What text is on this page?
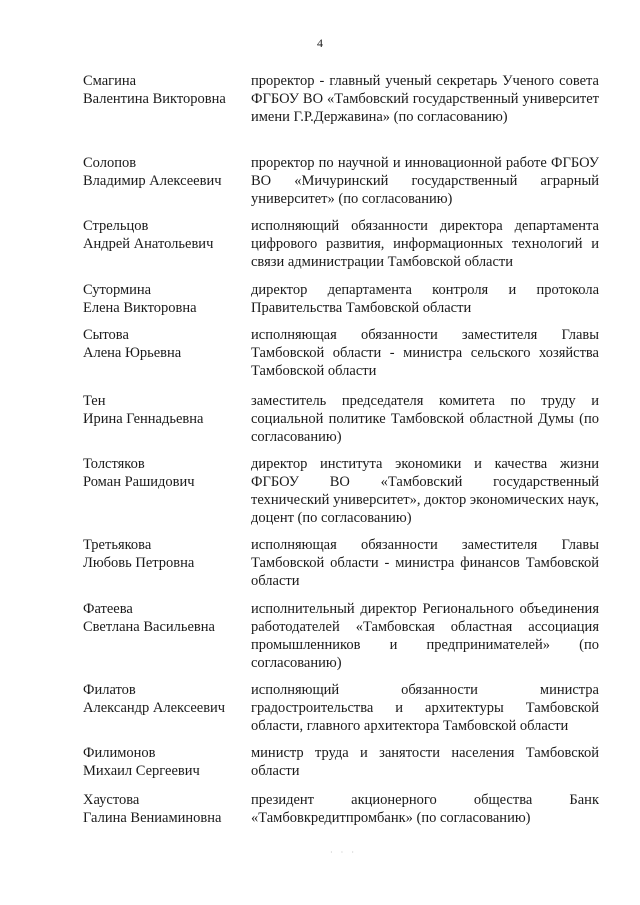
4
Смагина
Валентина Викторовна
проректор - главный ученый секретарь Ученого совета ФГБОУ ВО «Тамбовский государственный университет имени Г.Р.Державина» (по согласованию)
Солопов
Владимир Алексеевич
проректор по научной и инновационной работе ФГБОУ ВО «Мичуринский государственный аграрный университет» (по согласованию)
Стрельцов
Андрей Анатольевич
исполняющий обязанности директора департамента цифрового развития, информационных технологий и связи администрации Тамбовской области
Сутормина
Елена Викторовна
директор департамента контроля и протокола Правительства Тамбовской области
Сытова
Алена Юрьевна
исполняющая обязанности заместителя Главы Тамбовской области - министра сельского хозяйства Тамбовской области
Тен
Ирина Геннадьевна
заместитель председателя комитета по труду и социальной политике Тамбовской областной Думы (по согласованию)
Толстяков
Роман Рашидович
директор института экономики и качества жизни ФГБОУ ВО «Тамбовский государственный технический университет», доктор экономических наук, доцент (по согласованию)
Третьякова
Любовь Петровна
исполняющая обязанности заместителя Главы Тамбовской области - министра финансов Тамбовской области
Фатеева
Светлана Васильевна
исполнительный директор Регионального объединения работодателей «Тамбовская областная ассоциация промышленников и предпринимателей» (по согласованию)
Филатов
Александр Алексеевич
исполняющий обязанности министра градостроительства и архитектуры Тамбовской области, главного архитектора Тамбовской области
Филимонов
Михаил Сергеевич
министр труда и занятости населения Тамбовской области
Хаустова
Галина Вениаминовна
президент акционерного общества Банк «Тамбовкредитпромбанк» (по согласованию)
· · ·
